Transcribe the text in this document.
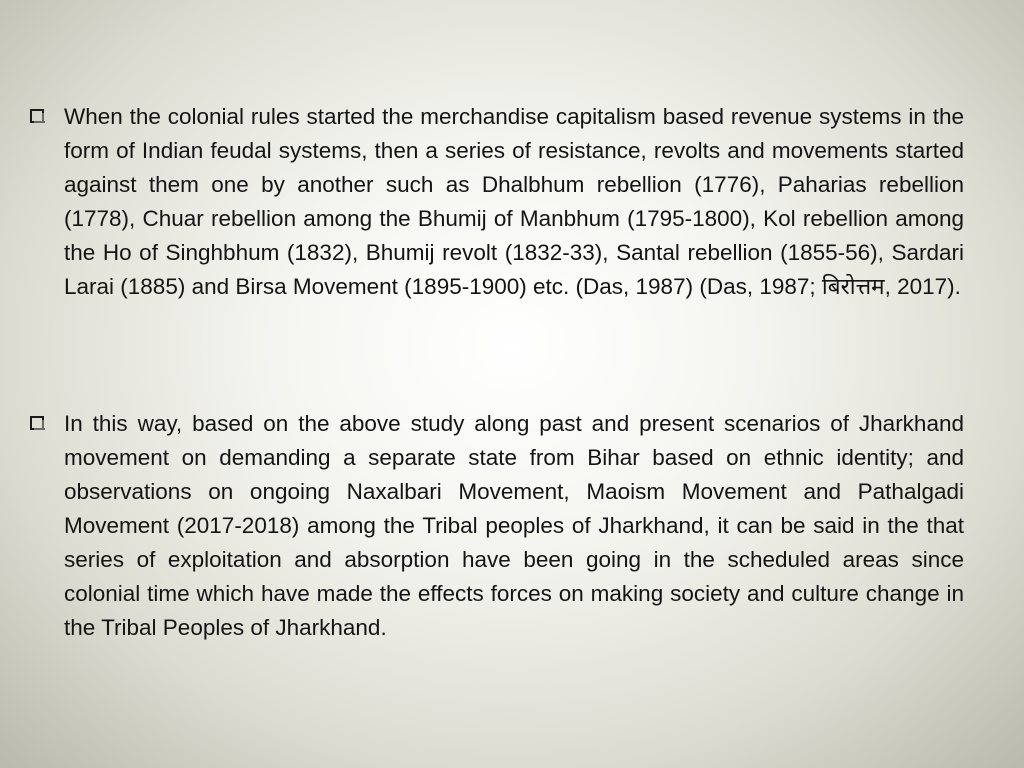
When the colonial rules started the merchandise capitalism based revenue systems in the form of Indian feudal systems, then a series of resistance, revolts and movements started against them one by another such as Dhalbhum rebellion (1776), Paharias rebellion (1778), Chuar rebellion among the Bhumij of Manbhum (1795-1800), Kol rebellion among the Ho of Singhbhum (1832), Bhumij revolt (1832-33), Santal rebellion (1855-56), Sardari Larai (1885) and Birsa Movement (1895-1900) etc. (Das, 1987) (Das, 1987; बिरोत्तम, 2017).

In this way, based on the above study along past and present scenarios of Jharkhand movement on demanding a separate state from Bihar based on ethnic identity; and observations on ongoing Naxalbari Movement, Maoism Movement and Pathalgadi Movement (2017-2018) among the Tribal peoples of Jharkhand, it can be said in the that series of exploitation and absorption have been going in the scheduled areas since colonial time which have made the effects forces on making society and culture change in the Tribal Peoples of Jharkhand.
